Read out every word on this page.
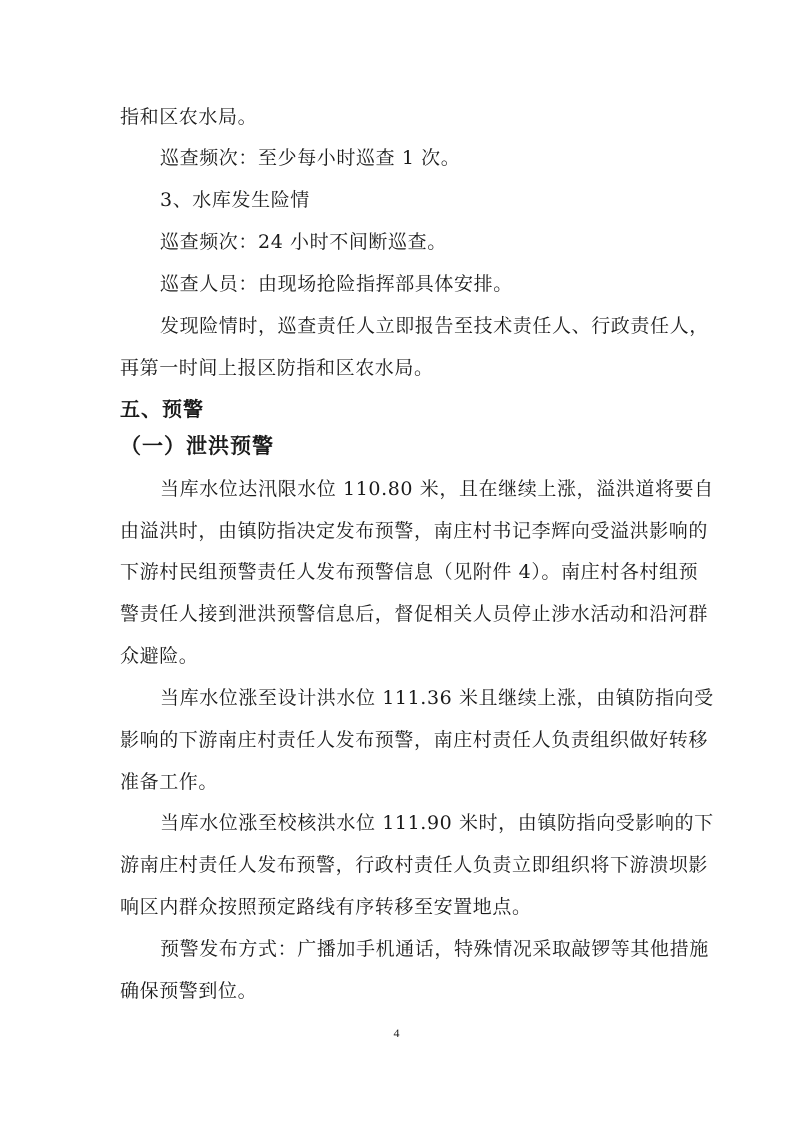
指和区农水局。
巡查频次：至少每小时巡查 1 次。
3、水库发生险情
巡查频次：24 小时不间断巡查。
巡查人员：由现场抢险指挥部具体安排。
发现险情时，巡查责任人立即报告至技术责任人、行政责任人，
再第一时间上报区防指和区农水局。
五、预警
（一）泄洪预警
当库水位达汛限水位 110.80 米，且在继续上涨，溢洪道将要自
由溢洪时，由镇防指决定发布预警，南庄村书记李辉向受溢洪影响的
下游村民组预警责任人发布预警信息（见附件 4）。南庄村各村组预
警责任人接到泄洪预警信息后，督促相关人员停止涉水活动和沿河群
众避险。
当库水位涨至设计洪水位 111.36 米且继续上涨，由镇防指向受
影响的下游南庄村责任人发布预警，南庄村责任人负责组织做好转移
准备工作。
当库水位涨至校核洪水位 111.90 米时，由镇防指向受影响的下
游南庄村责任人发布预警，行政村责任人负责立即组织将下游溃坝影
响区内群众按照预定路线有序转移至安置地点。
预警发布方式：广播加手机通话，特殊情况采取敲锣等其他措施
确保预警到位。
4
